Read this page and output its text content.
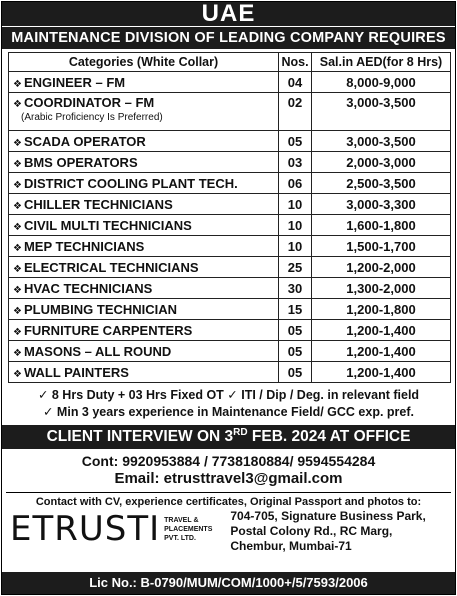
UAE
MAINTENANCE DIVISION OF LEADING COMPANY REQUIRES
Categories (White Collar)	Nos.	Sal.in AED(for 8 Hrs)
❖ ENGINEER – FM	04	8,000-9,000
❖ COORDINATOR – FM
(Arabic Proficiency Is Preferred)	02	3,000-3,500
❖ SCADA OPERATOR	05	3,000-3,500
❖ BMS OPERATORS	03	2,000-3,000
❖ DISTRICT COOLING PLANT TECH.	06	2,500-3,500
❖ CHILLER TECHNICIANS	10	3,000-3,300
❖ CIVIL MULTI TECHNICIANS	10	1,600-1,800
❖ MEP TECHNICIANS	10	1,500-1,700
❖ ELECTRICAL TECHNICIANS	25	1,200-2,000
❖ HVAC TECHNICIANS	30	1,300-2,000
❖ PLUMBING TECHNICIAN	15	1,200-1,800
❖ FURNITURE CARPENTERS	05	1,200-1,400
❖ MASONS – ALL ROUND	05	1,200-1,400
❖ WALL PAINTERS	05	1,200-1,400
✓ 8 Hrs Duty + 03 Hrs Fixed OT ✓ ITI / Dip / Deg. in relevant field
✓ Min 3 years experience in Maintenance Field/ GCC exp. pref.
CLIENT INTERVIEW ON 3RD FEB. 2024 AT OFFICE
Cont: 9920953884 / 7738180884/ 9594554284
Email: etrusttravel3@gmail.com
Contact with CV, experience certificates, Original Passport and photos to:
ETRUSTI TRAVEL &
PLACEMENTS
PVT. LTD.
704-705, Signature Business Park,
Postal Colony Rd., RC Marg,
Chembur, Mumbai-71
Lic No.: B-0790/MUM/COM/1000+/5/7593/2006
